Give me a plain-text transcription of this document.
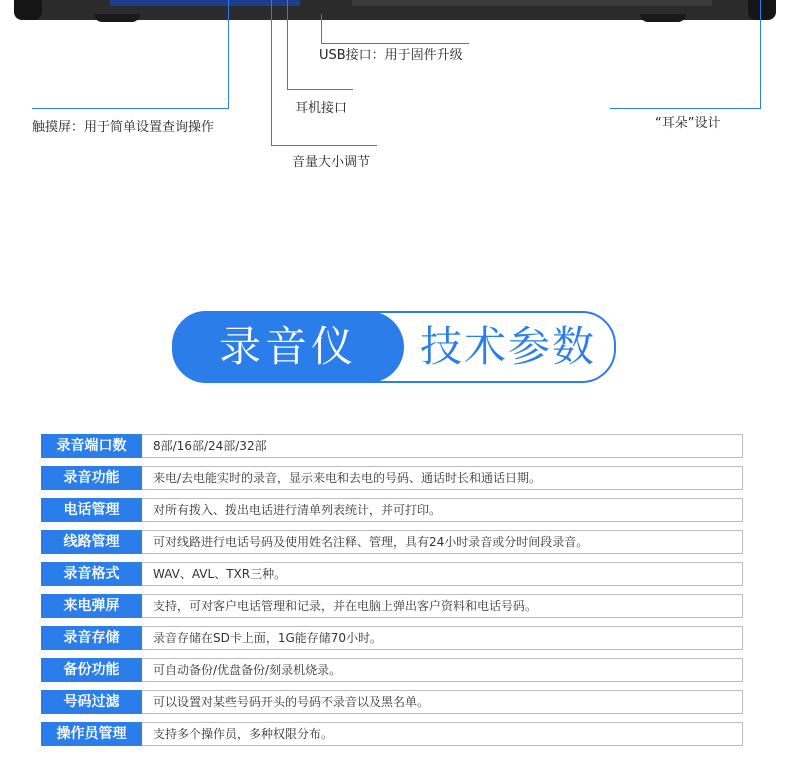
USB接口：用于固件升级
耳机接口
触摸屏：用于简单设置查询操作
音量大小调节
“耳朵”设计
录音仪	技术参数
录音端口数	8部/16部/24部/32部
录音功能	来电/去电能实时的录音，显示来电和去电的号码、通话时长和通话日期。
电话管理	对所有拨入、拨出电话进行清单列表统计，并可打印。
线路管理	可对线路进行电话号码及使用姓名注释、管理，具有24小时录音或分时间段录音。
录音格式	WAV、AVL、TXR三种。
来电弹屏	支持，可对客户电话管理和记录，并在电脑上弹出客户资料和电话号码。
录音存储	录音存储在SD卡上面，1G能存储70小时。
备份功能	可自动备份/优盘备份/刻录机烧录。
号码过滤	可以设置对某些号码开头的号码不录音以及黑名单。
操作员管理	支持多个操作员，多种权限分布。
